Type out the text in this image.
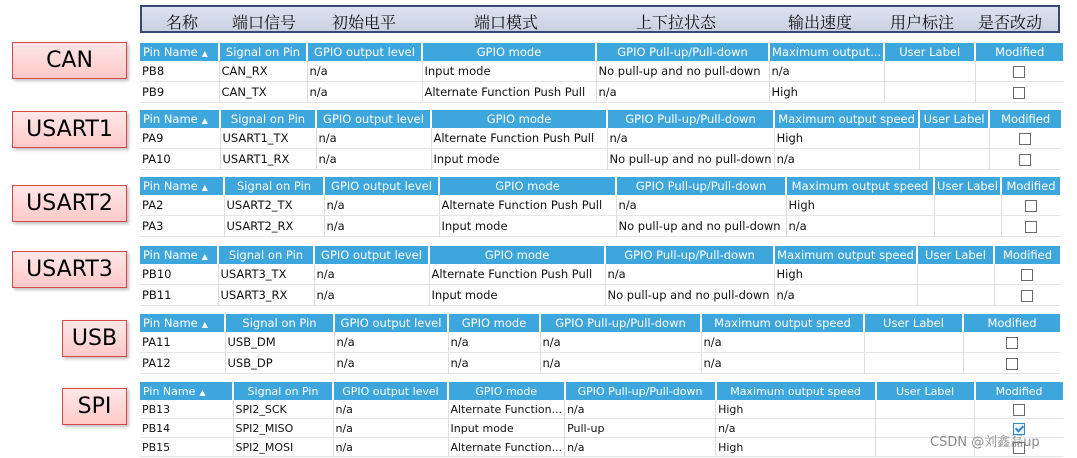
名称 端口信号 初始电平	端口模式	上下拉状态	输出速度 用户标注 是否改动
CAN
USART1
USART2
USART3
USB
SPI
Pin Name ▲	Signal on Pin	GPIO output level	GPIO mode	GPIO Pull-up/Pull-down	Maximum output...	User Label	Modified
PB8	CAN_RX	n/a	Input mode	No pull-up and no pull-down	n/a		
PB9	CAN_TX	n/a	Alternate Function Push Pull	n/a	High		
Pin Name ▲	Signal on Pin	GPIO output level	GPIO mode	GPIO Pull-up/Pull-down	Maximum output speed	User Label	Modified
PA9	USART1_TX	n/a	Alternate Function Push Pull	n/a	High		
PA10	USART1_RX	n/a	Input mode	No pull-up and no pull-down	n/a		
Pin Name ▲	Signal on Pin	GPIO output level	GPIO mode	GPIO Pull-up/Pull-down	Maximum output speed	User Label	Modified
PA2	USART2_TX	n/a	Alternate Function Push Pull	n/a	High		
PA3	USART2_RX	n/a	Input mode	No pull-up and no pull-down	n/a		
Pin Name ▲	Signal on Pin	GPIO output level	GPIO mode	GPIO Pull-up/Pull-down	Maximum output speed	User Label	Modified
PB10	USART3_TX	n/a	Alternate Function Push Pull	n/a	High		
PB11	USART3_RX	n/a	Input mode	No pull-up and no pull-down	n/a		
Pin Name ▲	Signal on Pin	GPIO output level	GPIO mode	GPIO Pull-up/Pull-down	Maximum output speed	User Label	Modified
PA11	USB_DM	n/a	n/a	n/a	n/a		
PA12	USB_DP	n/a	n/a	n/a	n/a		
Pin Name ▲	Signal on Pin	GPIO output level	GPIO mode	GPIO Pull-up/Pull-down	Maximum output speed	User Label	Modified
PB13	SPI2_SCK	n/a	Alternate Function...	n/a	High		
PB14	SPI2_MISO	n/a	Input mode	Pull-up	n/a		
PB15	SPI2_MOSI	n/a	Alternate Function...	n/a	High			CSDN @刘鑫磊up
